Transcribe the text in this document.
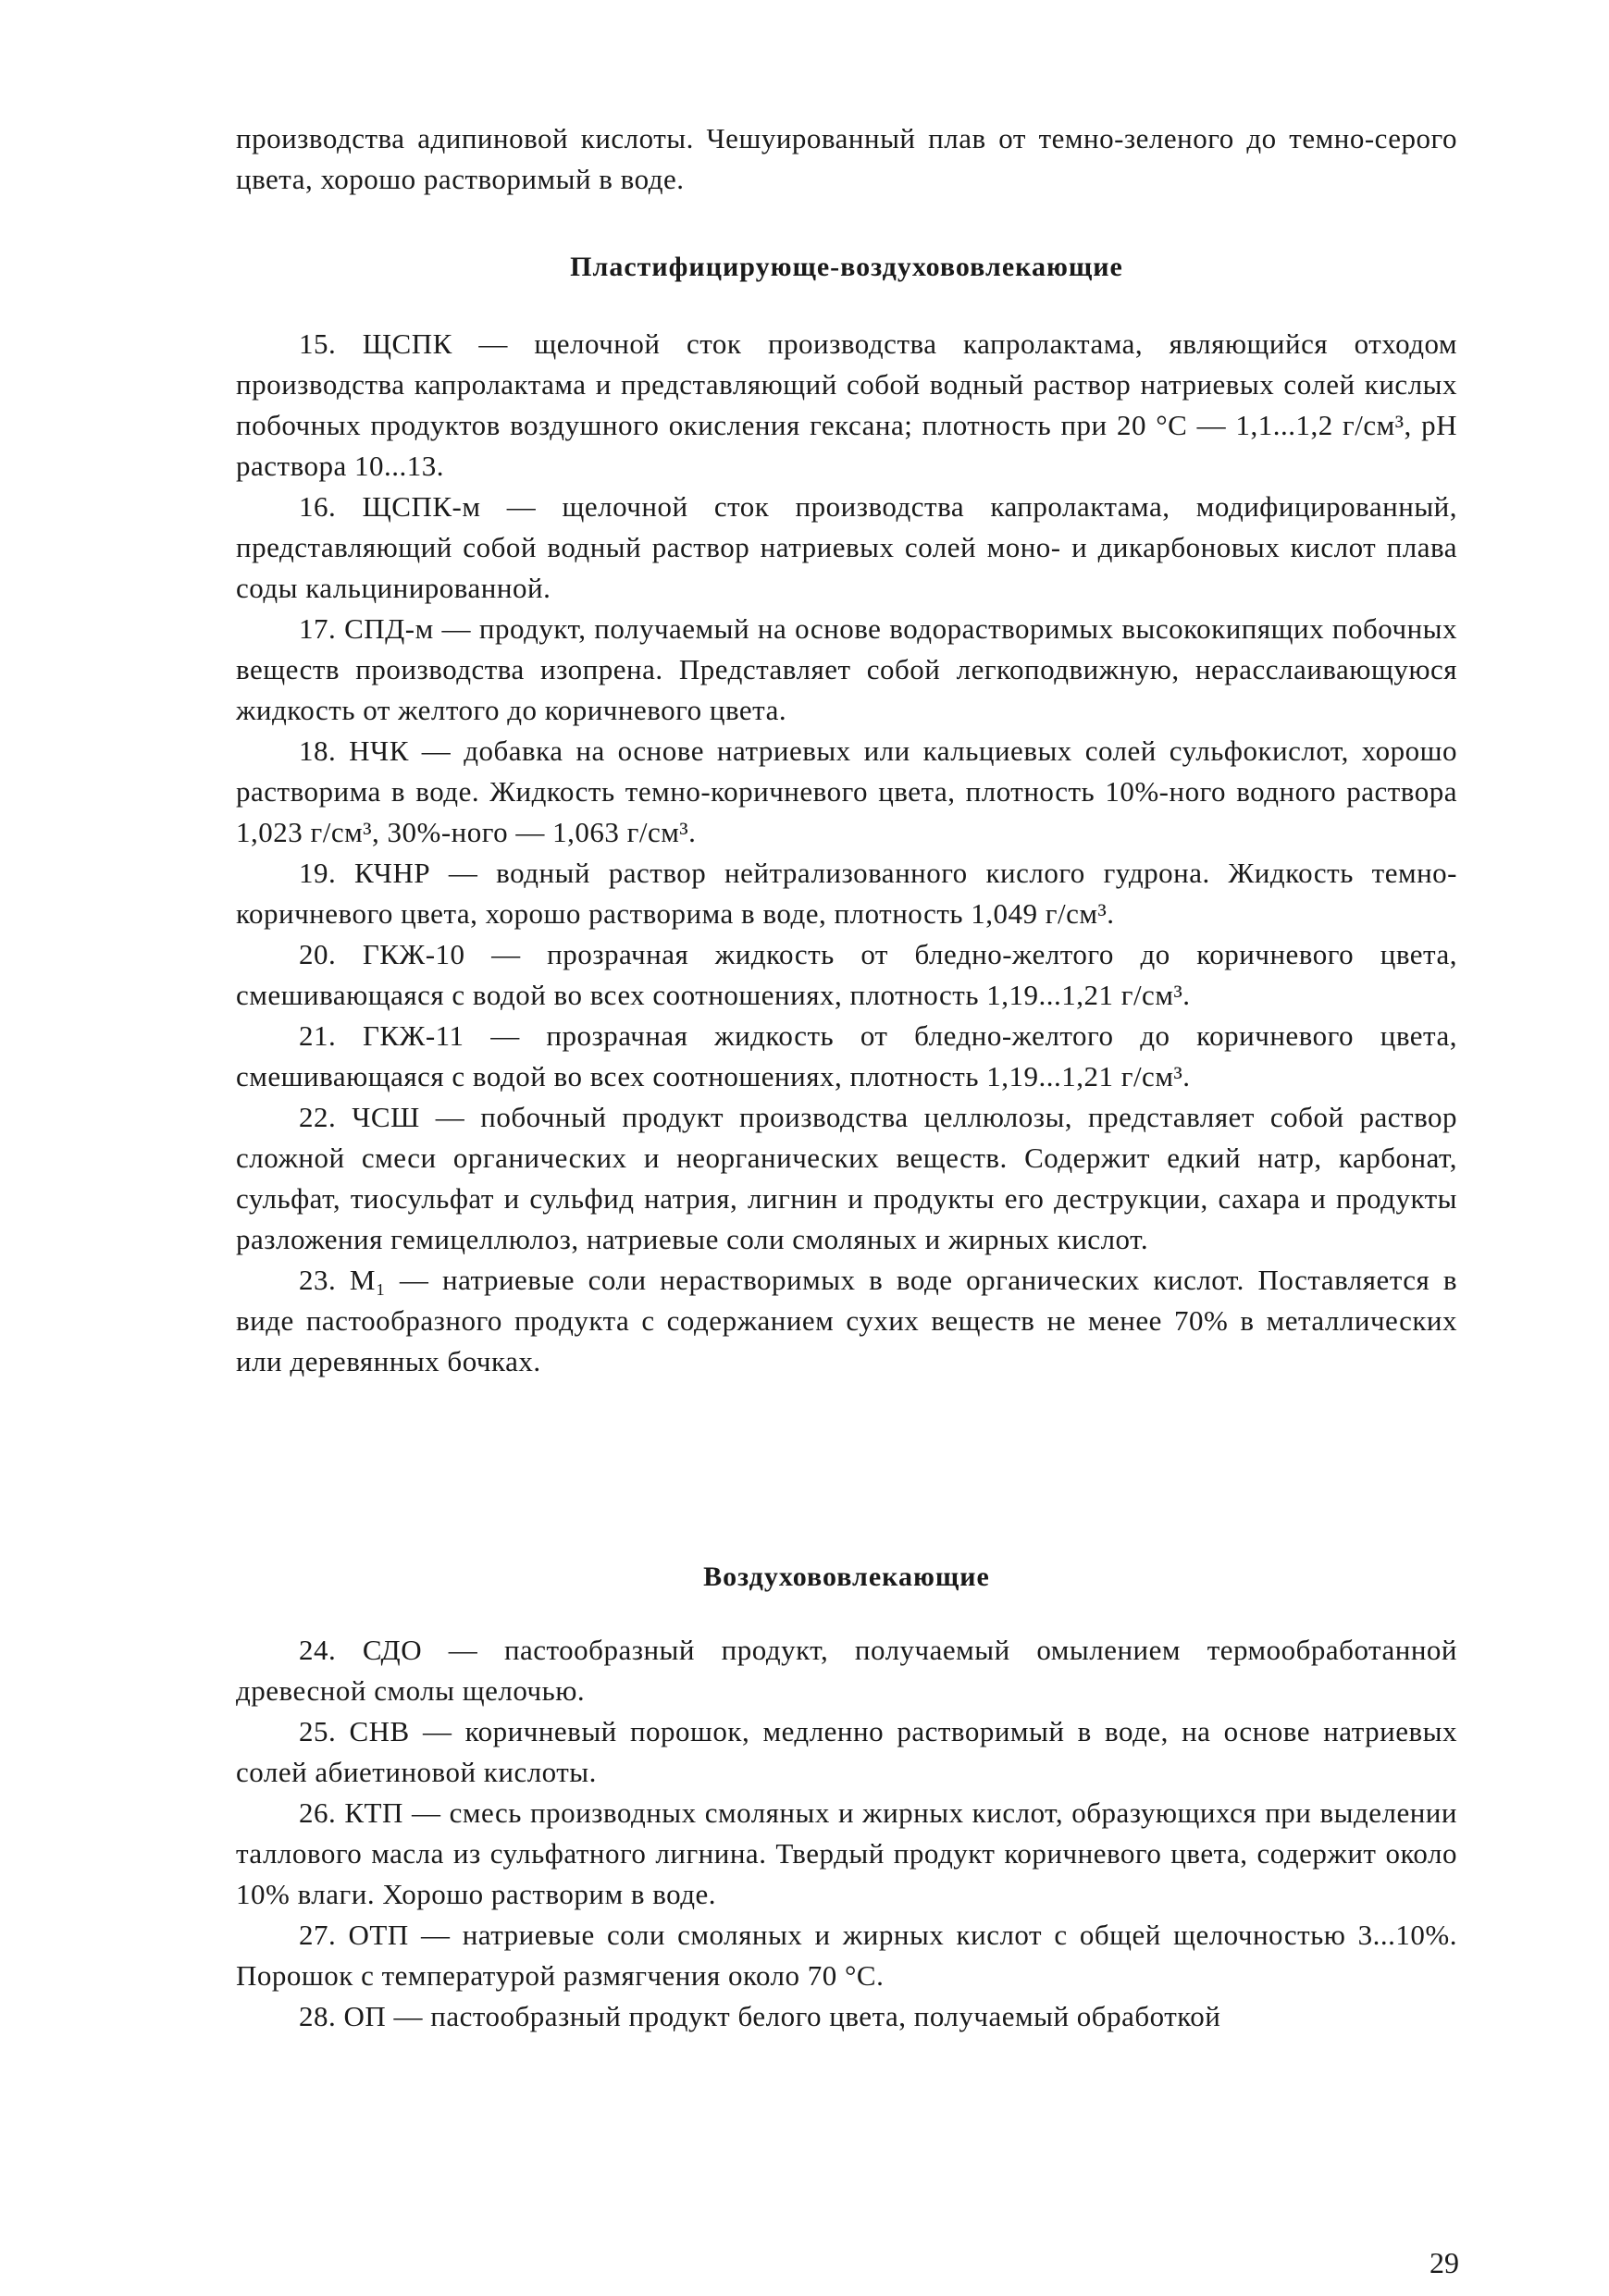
производства адипиновой кислоты. Чешуированный плав от темно-зеленого до темно-серого цвета, хорошо растворимый в воде.

Пластифицирующе-воздухововлекающие

15. ЩСПК — щелочной сток производства капролактама, являющийся отходом производства капролактама и представляющий собой водный раствор натриевых солей кислых побочных продуктов воздушного окисления гексана; плотность при 20 °С — 1,1...1,2 г/см³, pH раствора 10...13.

16. ЩСПК-м — щелочной сток производства капролактама, модифицированный, представляющий собой водный раствор натриевых солей моно- и дикарбоновых кислот плава соды кальцинированной.

17. СПД-м — продукт, получаемый на основе водорастворимых высококипящих побочных веществ производства изопрена. Представляет собой легкоподвижную, нерасслаивающуюся жидкость от желтого до коричневого цвета.

18. НЧК — добавка на основе натриевых или кальциевых солей сульфокислот, хорошо растворима в воде. Жидкость темно-коричневого цвета, плотность 10%-ного водного раствора 1,023 г/см³, 30%-ного — 1,063 г/см³.

19. КЧНР — водный раствор нейтрализованного кислого гудрона. Жидкость темно-коричневого цвета, хорошо растворима в воде, плотность 1,049 г/см³.

20. ГКЖ-10 — прозрачная жидкость от бледно-желтого до коричневого цвета, смешивающаяся с водой во всех соотношениях, плотность 1,19...1,21 г/см³.

21. ГКЖ-11 — прозрачная жидкость от бледно-желтого до коричневого цвета, смешивающаяся с водой во всех соотношениях, плотность 1,19...1,21 г/см³.

22. ЧСШ — побочный продукт производства целлюлозы, представляет собой раствор сложной смеси органических и неорганических веществ. Содержит едкий натр, карбонат, сульфат, тиосульфат и сульфид натрия, лигнин и продукты его деструкции, сахара и продукты разложения гемицеллюлоз, натриевые соли смоляных и жирных кислот.

23. М₁ — натриевые соли нерастворимых в воде органических кислот. Поставляется в виде пастообразного продукта с содержанием сухих веществ не менее 70% в металлических или деревянных бочках.

Воздухововлекающие

24. СДО — пастообразный продукт, получаемый омылением термообработанной древесной смолы щелочью.

25. СНВ — коричневый порошок, медленно растворимый в воде, на основе натриевых солей абиетиновой кислоты.

26. КТП — смесь производных смоляных и жирных кислот, образующихся при выделении таллового масла из сульфатного лигнина. Твердый продукт коричневого цвета, содержит около 10% влаги. Хорошо растворим в воде.

27. ОТП — натриевые соли смоляных и жирных кислот с общей щелочностью 3...10%. Порошок с температурой размягчения около 70 °С.

28. ОП — пастообразный продукт белого цвета, получаемый обработкой

29
